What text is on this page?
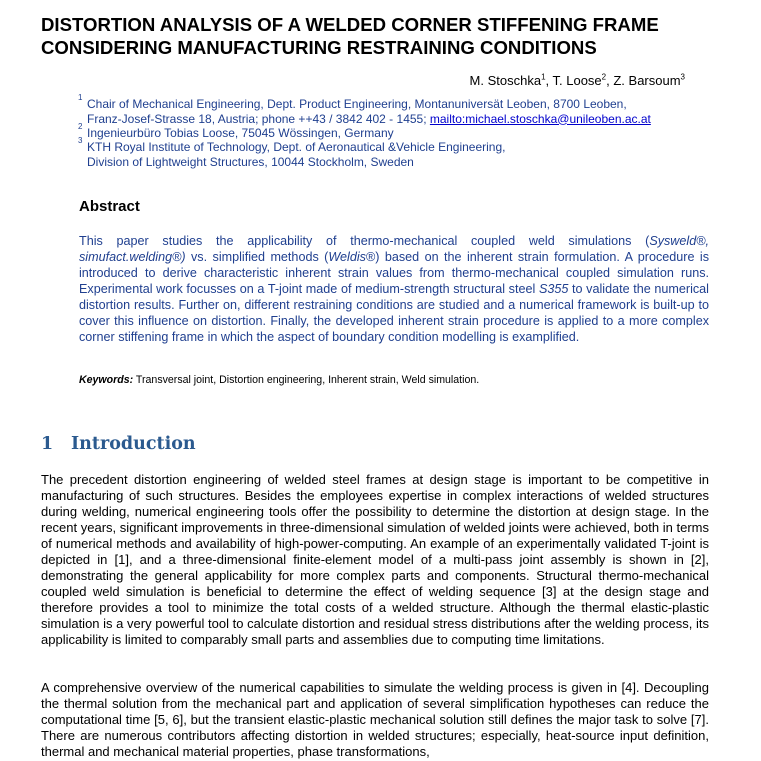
DISTORTION ANALYSIS OF A WELDED CORNER STIFFENING FRAME CONSIDERING MANUFACTURING RESTRAINING CONDITIONS
M. Stoschka$^1$, T. Loose$^2$, Z. Barsoum$^3$
$^1$ Chair of Mechanical Engineering, Dept. Product Engineering, Montanuniversät Leoben, 8700 Leoben,
Franz-Josef-Strasse 18, Austria; phone ++43 / 3842 402 - 1455; mailto:michael.stoschka@unileoben.ac.at
$^2$ Ingenieurbüro Tobias Loose, 75045 Wössingen, Germany
$^3$ KTH Royal Institute of Technology, Dept. of Aeronautical &Vehicle Engineering,
Division of Lightweight Structures, 10044 Stockholm, Sweden
Abstract

This paper studies the applicability of thermo-mechanical coupled weld simulations (Sysweld®, simufact.welding®) vs. simplified methods (Weldis®) based on the inherent strain formulation. A procedure is introduced to derive characteristic inherent strain values from thermo-mechanical coupled simulation runs. Experimental work focusses on a T-joint made of medium-strength structural steel S355 to validate the numerical distortion results. Further on, different restraining conditions are studied and a numerical framework is built-up to cover this influence on distortion. Finally, the developed inherent strain procedure is applied to a more complex corner stiffening frame in which the aspect of boundary condition modelling is examplified.

Keywords: Transversal joint, Distortion engineering, Inherent strain, Weld simulation.
1 Introduction

The precedent distortion engineering of welded steel frames at design stage is important to be competitive in manufacturing of such structures. Besides the employees expertise in complex interactions of welded structures during welding, numerical engineering tools offer the possibility to determine the distortion at design stage. In the recent years, significant improvements in three-dimensional simulation of welded joints were achieved, both in terms of numerical methods and availability of high-power-computing. An example of an experimentally validated T-joint is depicted in [1], and a three-dimensional finite-element model of a multi-pass joint assembly is shown in [2], demonstrating the general applicability for more complex parts and components. Structural thermo-mechanical coupled weld simulation is beneficial to determine the effect of welding sequence [3] at the design stage and therefore provides a tool to minimize the total costs of a welded structure. Although the thermal elastic-plastic simulation is a very powerful tool to calculate distortion and residual stress distributions after the welding process, its applicability is limited to comparably small parts and assemblies due to computing time limitations.

A comprehensive overview of the numerical capabilities to simulate the welding process is given in [4]. Decoupling the thermal solution from the mechanical part and application of several simplification hypotheses can reduce the computational time [5, 6], but the transient elastic-plastic mechanical solution still defines the major task to solve [7]. There are numerous contributors affecting distortion in welded structures; especially, heat-source input definition, thermal and mechanical material properties, phase transformations,
